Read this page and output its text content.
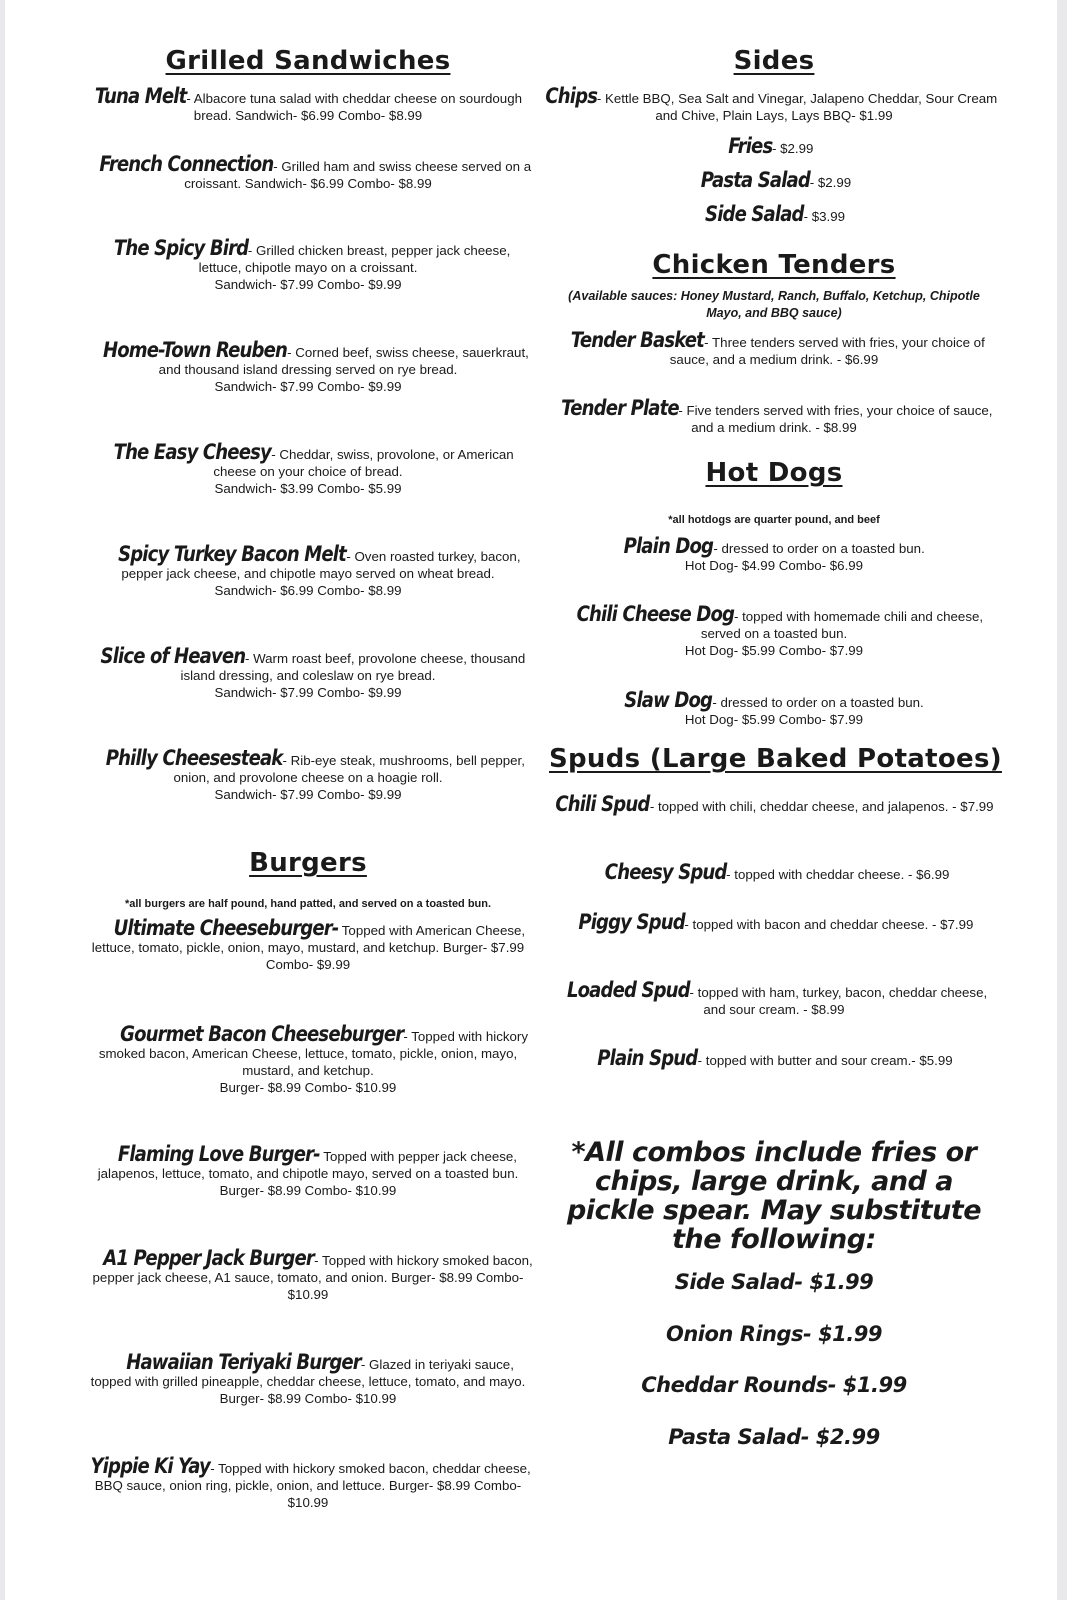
Grilled Sandwiches
Tuna Melt- Albacore tuna salad with cheddar cheese on sourdough bread. Sandwich- $6.99 Combo- $8.99
French Connection- Grilled ham and swiss cheese served on a croissant. Sandwich- $6.99 Combo- $8.99
The Spicy Bird- Grilled chicken breast, pepper jack cheese, lettuce, chipotle mayo on a croissant.
Sandwich- $7.99 Combo- $9.99
Home-Town Reuben- Corned beef, swiss cheese, sauerkraut, and thousand island dressing served on rye bread.
Sandwich- $7.99 Combo- $9.99
The Easy Cheesy- Cheddar, swiss, provolone, or American cheese on your choice of bread.
Sandwich- $3.99 Combo- $5.99
Spicy Turkey Bacon Melt- Oven roasted turkey, bacon, pepper jack cheese, and chipotle mayo served on wheat bread.
Sandwich- $6.99 Combo- $8.99
Slice of Heaven- Warm roast beef, provolone cheese, thousand island dressing, and coleslaw on rye bread.
Sandwich- $7.99 Combo- $9.99
Philly Cheesesteak- Rib-eye steak, mushrooms, bell pepper, onion, and provolone cheese on a hoagie roll.
Sandwich- $7.99 Combo- $9.99
Burgers
*all burgers are half pound, hand patted, and served on a toasted bun.
Ultimate Cheeseburger- Topped with American Cheese, lettuce, tomato, pickle, onion, mayo, mustard, and ketchup. Burger- $7.99 Combo- $9.99
Gourmet Bacon Cheeseburger- Topped with hickory smoked bacon, American Cheese, lettuce, tomato, pickle, onion, mayo, mustard, and ketchup.
Burger- $8.99 Combo- $10.99
Flaming Love Burger- Topped with pepper jack cheese, jalapenos, lettuce, tomato, and chipotle mayo, served on a toasted bun. Burger- $8.99 Combo- $10.99
A1 Pepper Jack Burger- Topped with hickory smoked bacon, pepper jack cheese, A1 sauce, tomato, and onion. Burger- $8.99 Combo- $10.99
Hawaiian Teriyaki Burger- Glazed in teriyaki sauce, topped with grilled pineapple, cheddar cheese, lettuce, tomato, and mayo. Burger- $8.99 Combo- $10.99
Yippie Ki Yay- Topped with hickory smoked bacon, cheddar cheese, BBQ sauce, onion ring, pickle, onion, and lettuce. Burger- $8.99 Combo- $10.99
Sides
Chips- Kettle BBQ, Sea Salt and Vinegar, Jalapeno Cheddar, Sour Cream and Chive, Plain Lays, Lays BBQ- $1.99
Fries- $2.99
Pasta Salad- $2.99
Side Salad- $3.99
Chicken Tenders
(Available sauces: Honey Mustard, Ranch, Buffalo, Ketchup, Chipotle Mayo, and BBQ sauce)
Tender Basket- Three tenders served with fries, your choice of sauce, and a medium drink. - $6.99
Tender Plate- Five tenders served with fries, your choice of sauce, and a medium drink. - $8.99
Hot Dogs
*all hotdogs are quarter pound, and beef
Plain Dog- dressed to order on a toasted bun.
Hot Dog- $4.99 Combo- $6.99
Chili Cheese Dog- topped with homemade chili and cheese, served on a toasted bun.
Hot Dog- $5.99 Combo- $7.99
Slaw Dog- dressed to order on a toasted bun.
Hot Dog- $5.99 Combo- $7.99
Spuds (Large Baked Potatoes)
Chili Spud- topped with chili, cheddar cheese, and jalapenos. - $7.99
Cheesy Spud- topped with cheddar cheese. - $6.99
Piggy Spud- topped with bacon and cheddar cheese. - $7.99
Loaded Spud- topped with ham, turkey, bacon, cheddar cheese, and sour cream. - $8.99
Plain Spud- topped with butter and sour cream.- $5.99
*All combos include fries or chips, large drink, and a pickle spear. May substitute the following:
Side Salad- $1.99
Onion Rings- $1.99
Cheddar Rounds- $1.99
Pasta Salad- $2.99
